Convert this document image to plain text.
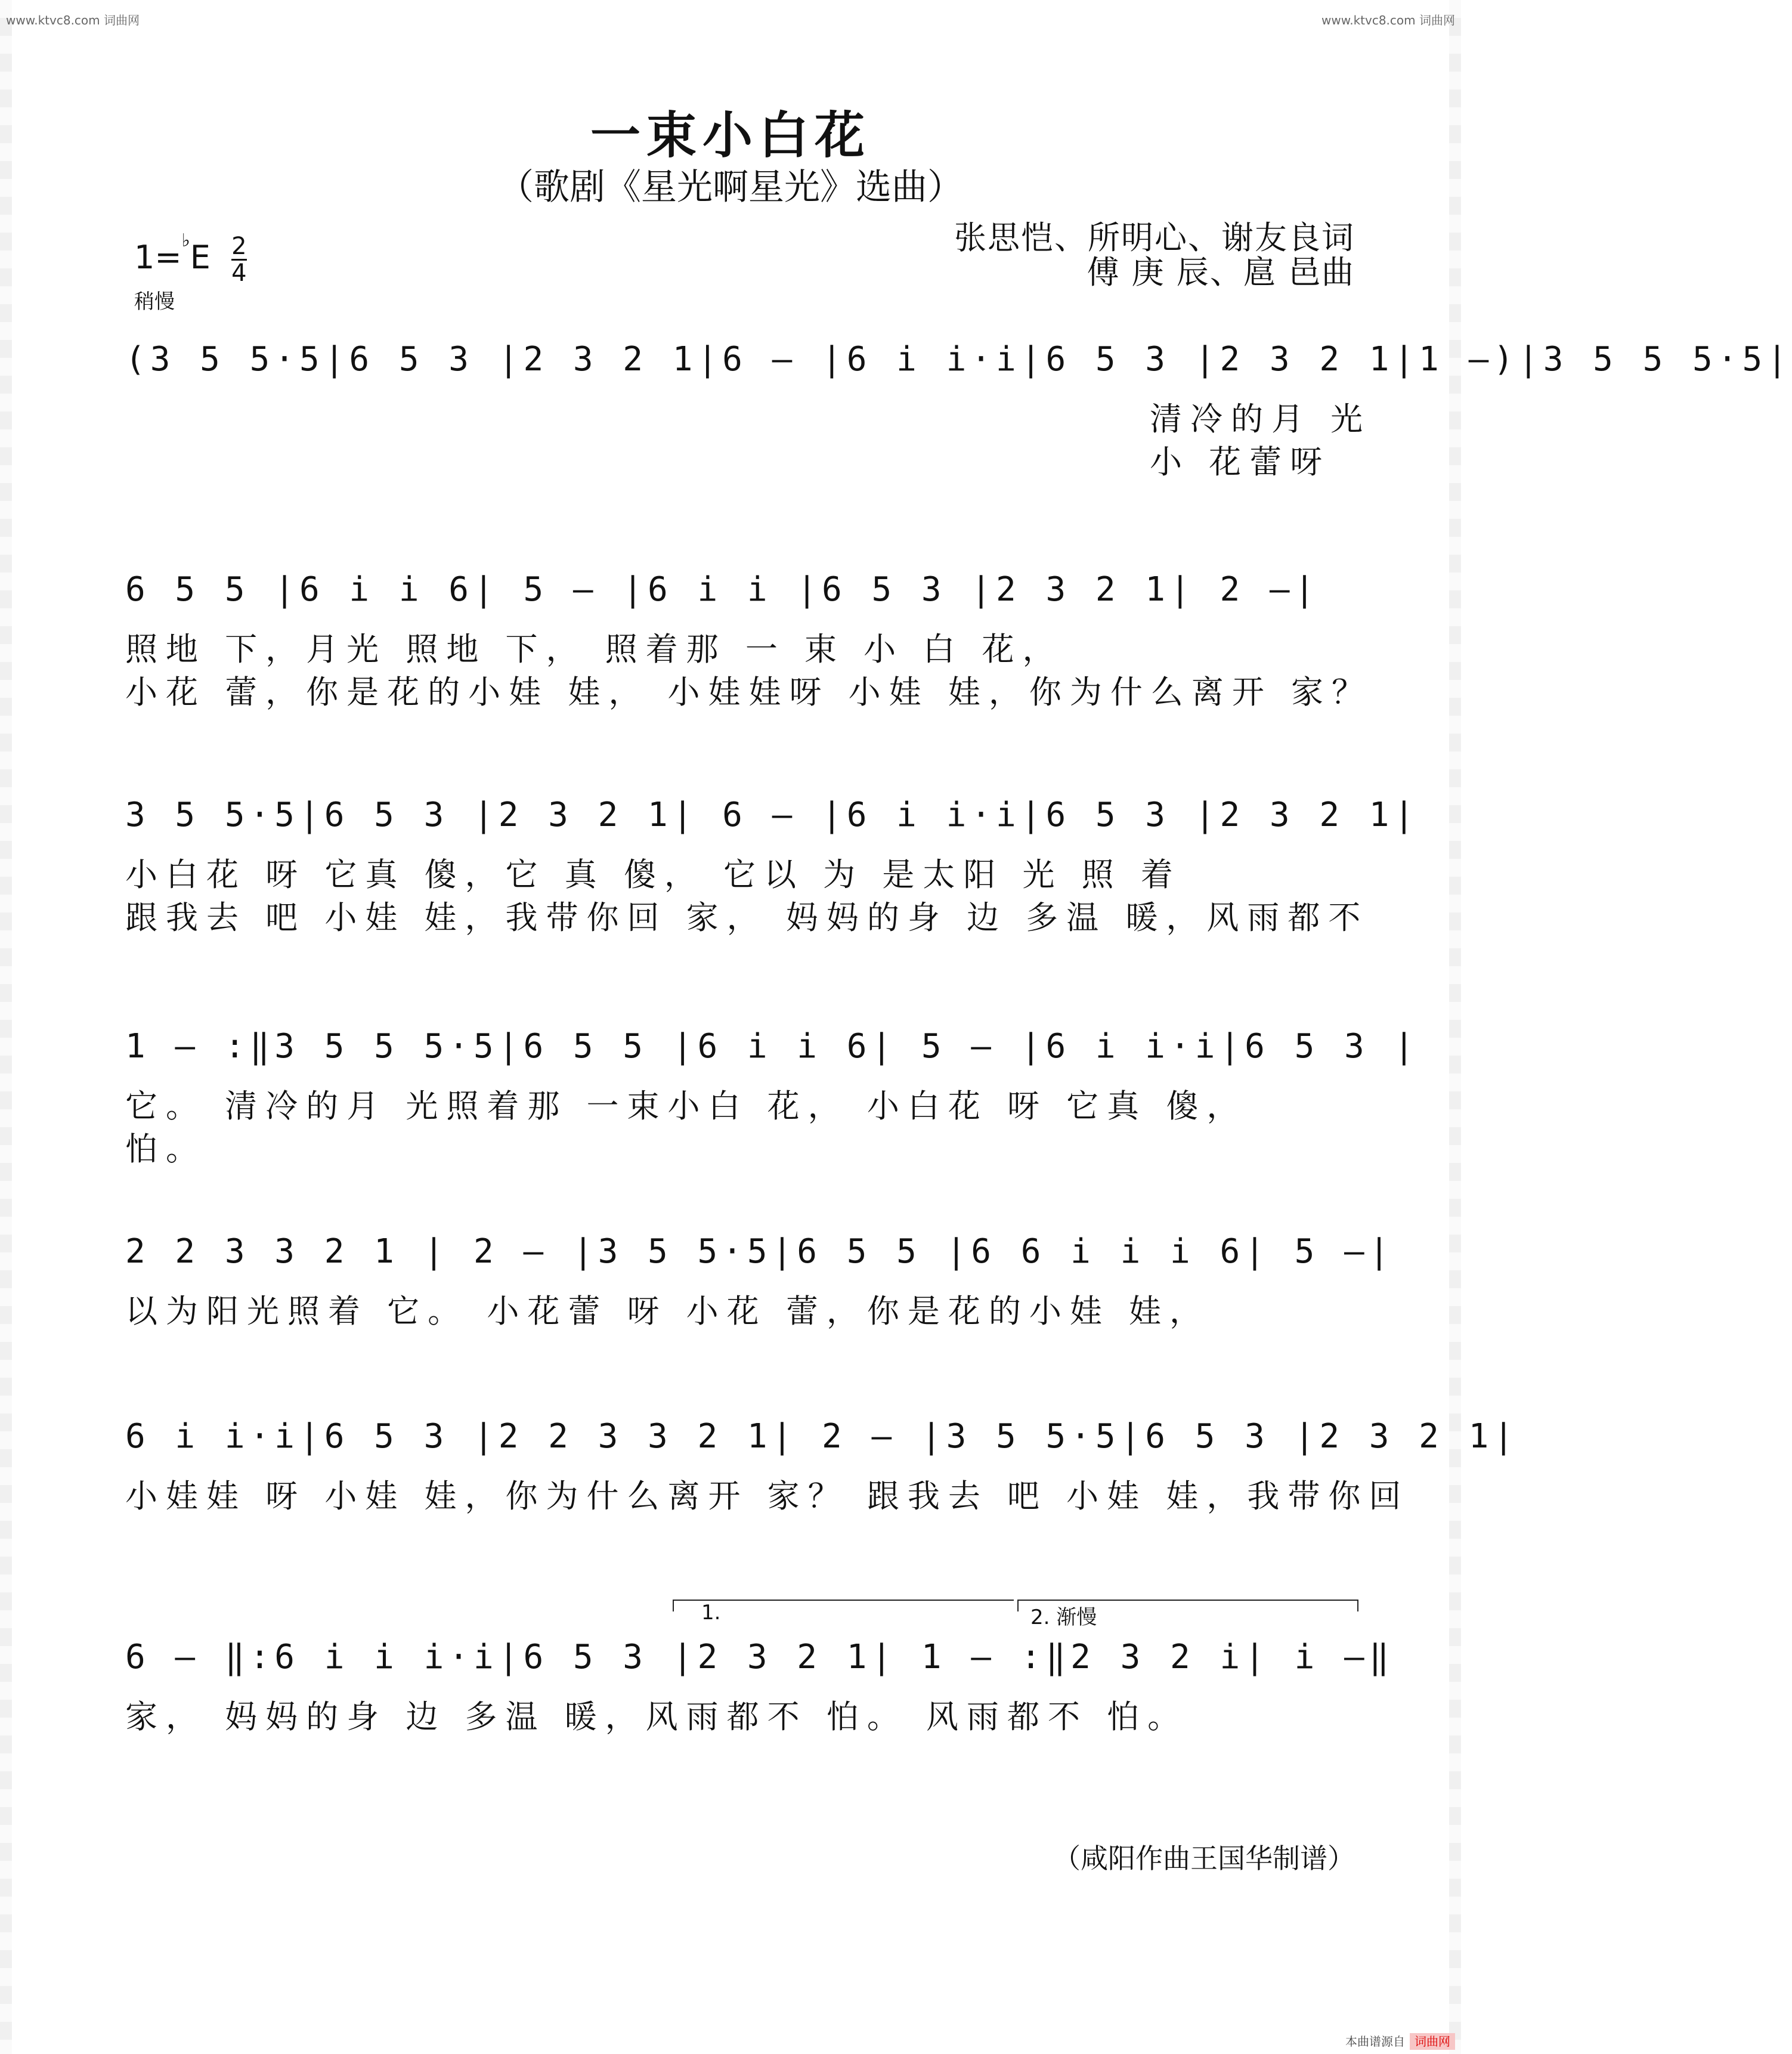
www.ktvc8.com 词曲网	www.ktvc8.com 词曲网
一束小白花
（歌剧《星光啊星光》选曲）
$1=^♭E \frac{2}{4}$
稍慢
张思恺、所明心、谢友良词
傅 庚 辰、扈 邑曲
(3 5 5·5|6 5 3 |2 3 2 1|6 – |6 i i·i|6 5 3 |2 3 2 1|1 –)|3 5 5 5·5|
清冷的月 光
小 花蕾呀
6 5 5 |6 i i 6| 5 – |6 i i |6 5 3 |2 3 2 1| 2 –|
照地 下，月光 照地 下， 照着那 一 束 小 白 花，
小花 蕾，你是花的小娃 娃， 小娃娃呀 小娃 娃，你为什么离开 家？
3 5 5·5|6 5 3 |2 3 2 1| 6 – |6 i i·i|6 5 3 |2 3 2 1|
小白花 呀 它真 傻，它 真 傻， 它以 为 是太阳 光 照 着
跟我去 吧 小娃 娃，我带你回 家， 妈妈的身 边 多温 暖，风雨都不
1 – :‖3 5 5 5·5|6 5 5 |6 i i 6| 5 – |6 i i·i|6 5 3 |
它。 清冷的月 光照着那 一束小白 花， 小白花 呀 它真 傻，
怕。
2 2 3 3 2 1 | 2 – |3 5 5·5|6 5 5 |6 6 i i i 6| 5 –|
以为阳光照着 它。 小花蕾 呀 小花 蕾，你是花的小娃 娃，
6 i i·i|6 5 3 |2 2 3 3 2 1| 2 – |3 5 5·5|6 5 3 |2 3 2 1|
小娃娃 呀 小娃 娃，你为什么离开 家？ 跟我去 吧 小娃 娃，我带你回
1.	2. 渐慢
6 – ‖:6 i i i·i|6 5 3 |2 3 2 1| 1 – :‖2 3 2 i| i –‖
家， 妈妈的身 边 多温 暖，风雨都不 怕。 风雨都不 怕。
（咸阳作曲王国华制谱）
本曲谱源自 词曲网
